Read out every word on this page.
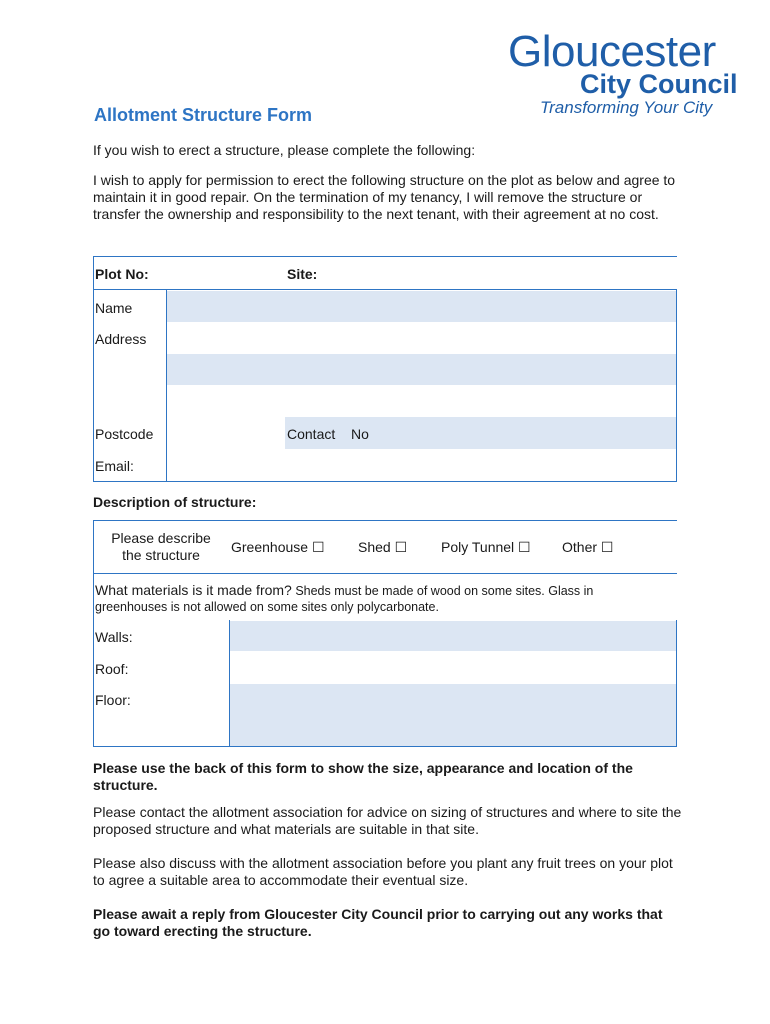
Gloucester
City Council
Transforming Your City
Allotment Structure Form
If you wish to erect a structure, please complete the following:
I wish to apply for permission to erect the following structure on the plot as below and agree to maintain it in good repair. On the termination of my tenancy, I will remove the structure or transfer the ownership and responsibility to the next tenant, with their agreement at no cost.
Plot No:	Site:
Name
Address
Postcode	Contact No
Email:
Description of structure:
Please describe
the structure	Greenhouse ☐ Shed ☐ Poly Tunnel ☐ Other ☐
What materials is it made from? Sheds must be made of wood on some sites. Glass in
greenhouses is not allowed on some sites only polycarbonate.
Walls:
Roof:
Floor:
Please use the back of this form to show the size, appearance and location of the structure.
Please contact the allotment association for advice on sizing of structures and where to site the proposed structure and what materials are suitable in that site.
Please also discuss with the allotment association before you plant any fruit trees on your plot to agree a suitable area to accommodate their eventual size.
Please await a reply from Gloucester City Council prior to carrying out any works that go toward erecting the structure.
